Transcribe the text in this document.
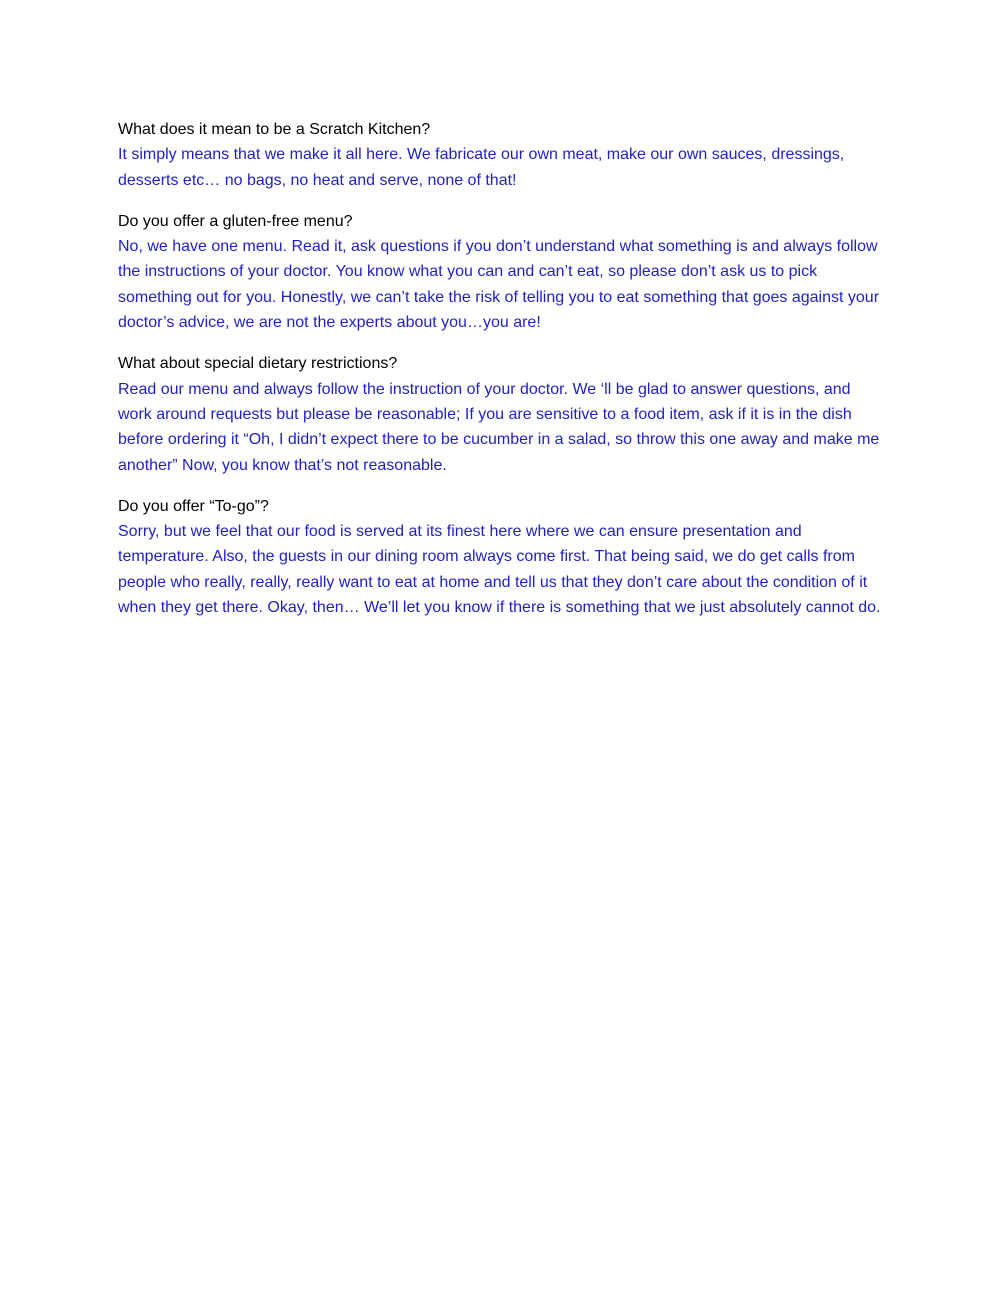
What does it mean to be a Scratch Kitchen?

It simply means that we make it all here. We fabricate our own meat, make our own sauces, dressings, desserts etc… no bags, no heat and serve, none of that!

Do you offer a gluten-free menu?

No, we have one menu. Read it, ask questions if you don’t understand what something is and always follow the instructions of your doctor. You know what you can and can’t eat, so please don’t ask us to pick something out for you. Honestly, we can’t take the risk of telling you to eat something that goes against your doctor’s advice, we are not the experts about you…you are!

What about special dietary restrictions?

Read our menu and always follow the instruction of your doctor. We ‘ll be glad to answer questions, and work around requests but please be reasonable; If you are sensitive to a food item, ask if it is in the dish before ordering it “Oh, I didn’t expect there to be cucumber in a salad, so throw this one away and make me another” Now, you know that’s not reasonable.

Do you offer “To-go”?

Sorry, but we feel that our food is served at its finest here where we can ensure presentation and temperature. Also, the guests in our dining room always come first. That being said, we do get calls from people who really, really, really want to eat at home and tell us that they don’t care about the condition of it when they get there. Okay, then… We’ll let you know if there is something that we just absolutely cannot do.
